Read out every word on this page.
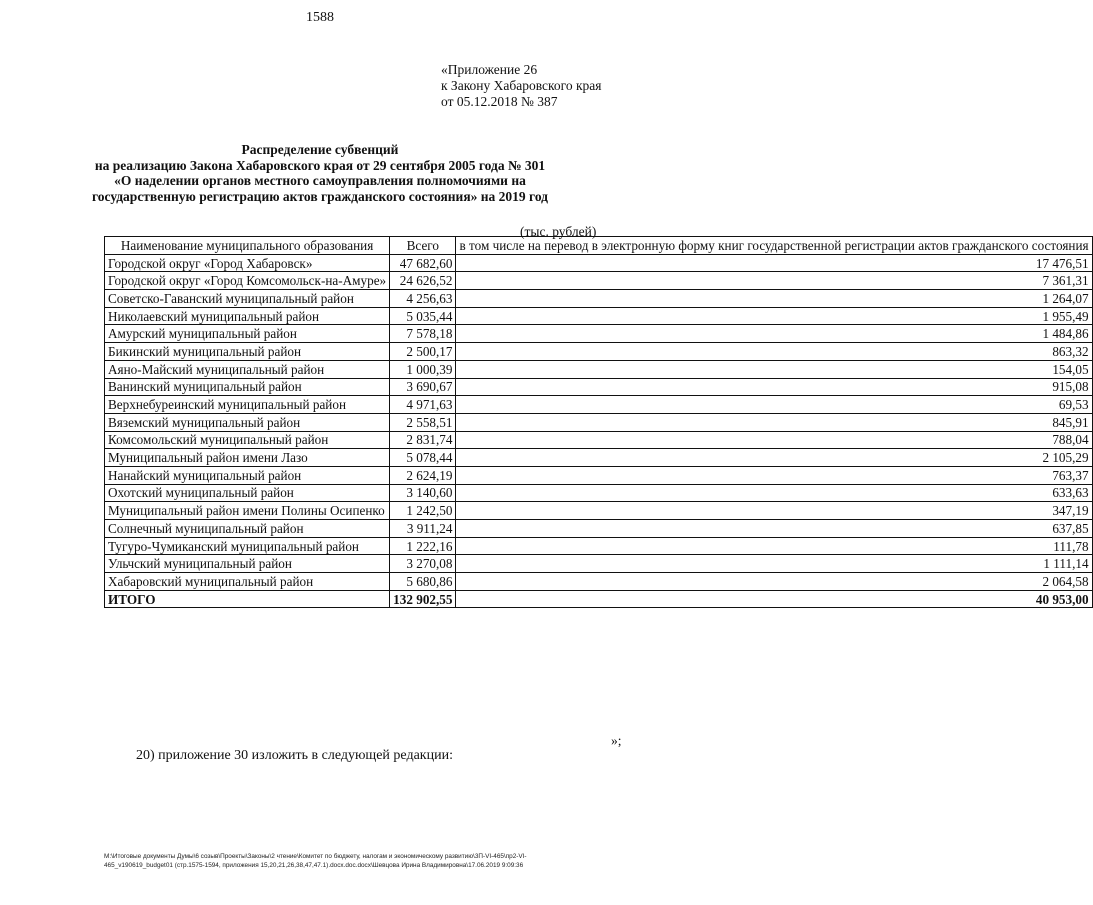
1588
«Приложение 26
к Закону Хабаровского края
от 05.12.2018 № 387
Распределение субвенций
на реализацию Закона Хабаровского края от 29 сентября 2005 года № 301
«О наделении органов местного самоуправления полномочиями на
государственную регистрацию актов гражданского состояния» на 2019 год
(тыс. рублей)
Наименование муниципального образования	Всего	в том числе на перевод в электронную форму книг государственной регистрации актов гражданского состояния
Городской округ «Город Хабаровск»	47 682,60	17 476,51
Городской округ «Город Комсомольск-на-Амуре»	24 626,52	7 361,31
Советско-Гаванский муниципальный район	4 256,63	1 264,07
Николаевский муниципальный район	5 035,44	1 955,49
Амурский муниципальный район	7 578,18	1 484,86
Бикинский муниципальный район	2 500,17	863,32
Аяно-Майский муниципальный район	1 000,39	154,05
Ванинский муниципальный район	3 690,67	915,08
Верхнебуреинский муниципальный район	4 971,63	69,53
Вяземский муниципальный район	2 558,51	845,91
Комсомольский муниципальный район	2 831,74	788,04
Муниципальный район имени Лазо	5 078,44	2 105,29
Нанайский муниципальный район	2 624,19	763,37
Охотский муниципальный район	3 140,60	633,63
Муниципальный район имени Полины Осипенко	1 242,50	347,19
Солнечный муниципальный район	3 911,24	637,85
Тугуро-Чумиканский муниципальный район	1 222,16	111,78
Ульчский муниципальный район	3 270,08	1 111,14
Хабаровский муниципальный район	5 680,86	2 064,58
ИТОГО	132 902,55	40 953,00
»;
20) приложение 30 изложить в следующей редакции:
M:\Итоговые документы Думы\6 созыв\Проекты\Законы\2 чтение\Комитет по бюджету, налогам и экономическому развитию\3П-VI-465\пр2-VI-
465_v190619_budget01 (стр.1575-1594, приложения 15,20,21,26,38,47,47.1).docx.doc.docx\Шевцова Ирина Владимировна\17.06.2019 9:09:36
